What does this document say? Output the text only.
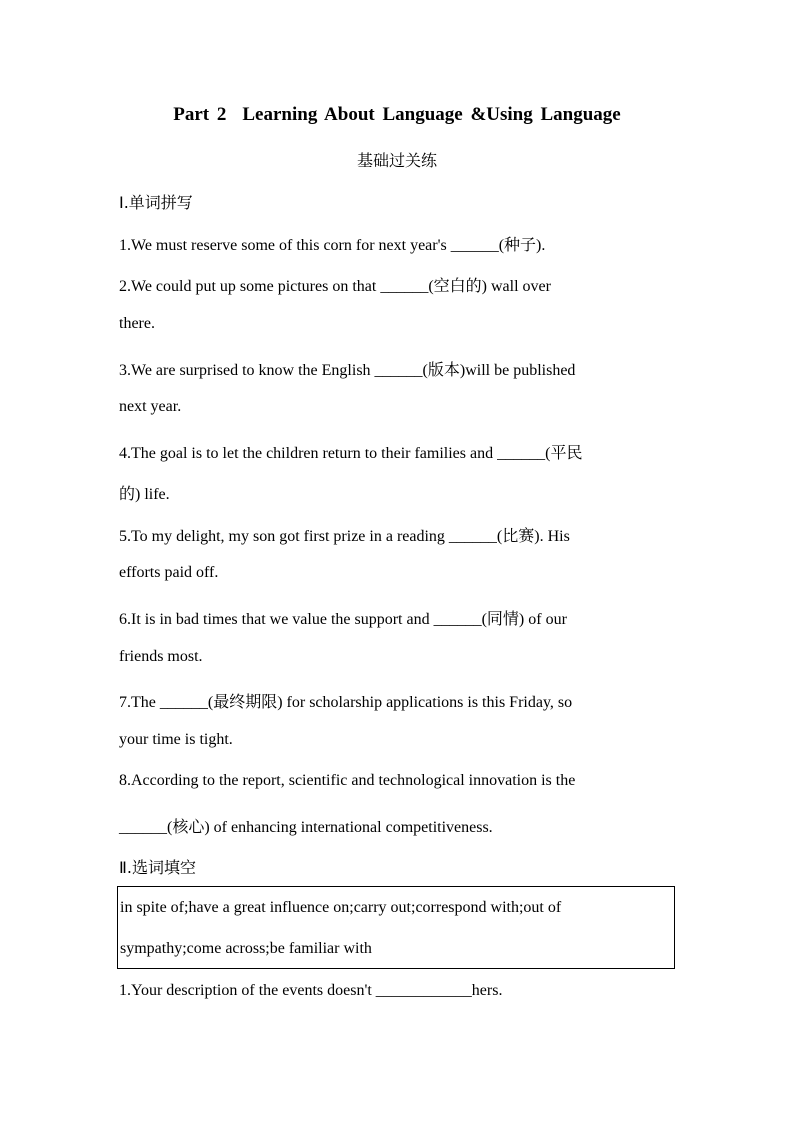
Part 2 Learning About Language &Using Language
基础过关练
Ⅰ.单词拼写
1.We must reserve some of this corn for next year's ______(种子).
2.We could put up some pictures on that ______(空白的) wall over
there.
3.We are surprised to know the English ______(版本)will be published
next year.
4.The goal is to let the children return to their families and ______(平民
的) life.
5.To my delight, my son got first prize in a reading ______(比赛). His
efforts paid off.
6.It is in bad times that we value the support and ______(同情) of our
friends most.
7.The ______(最终期限) for scholarship applications is this Friday, so
your time is tight.
8.According to the report, scientific and technological innovation is the
______(核心) of enhancing international competitiveness.
Ⅱ.选词填空
in spite of;have a great influence on;carry out;correspond with;out of
sympathy;come across;be familiar with
1.Your description of the events doesn't ____________hers.
